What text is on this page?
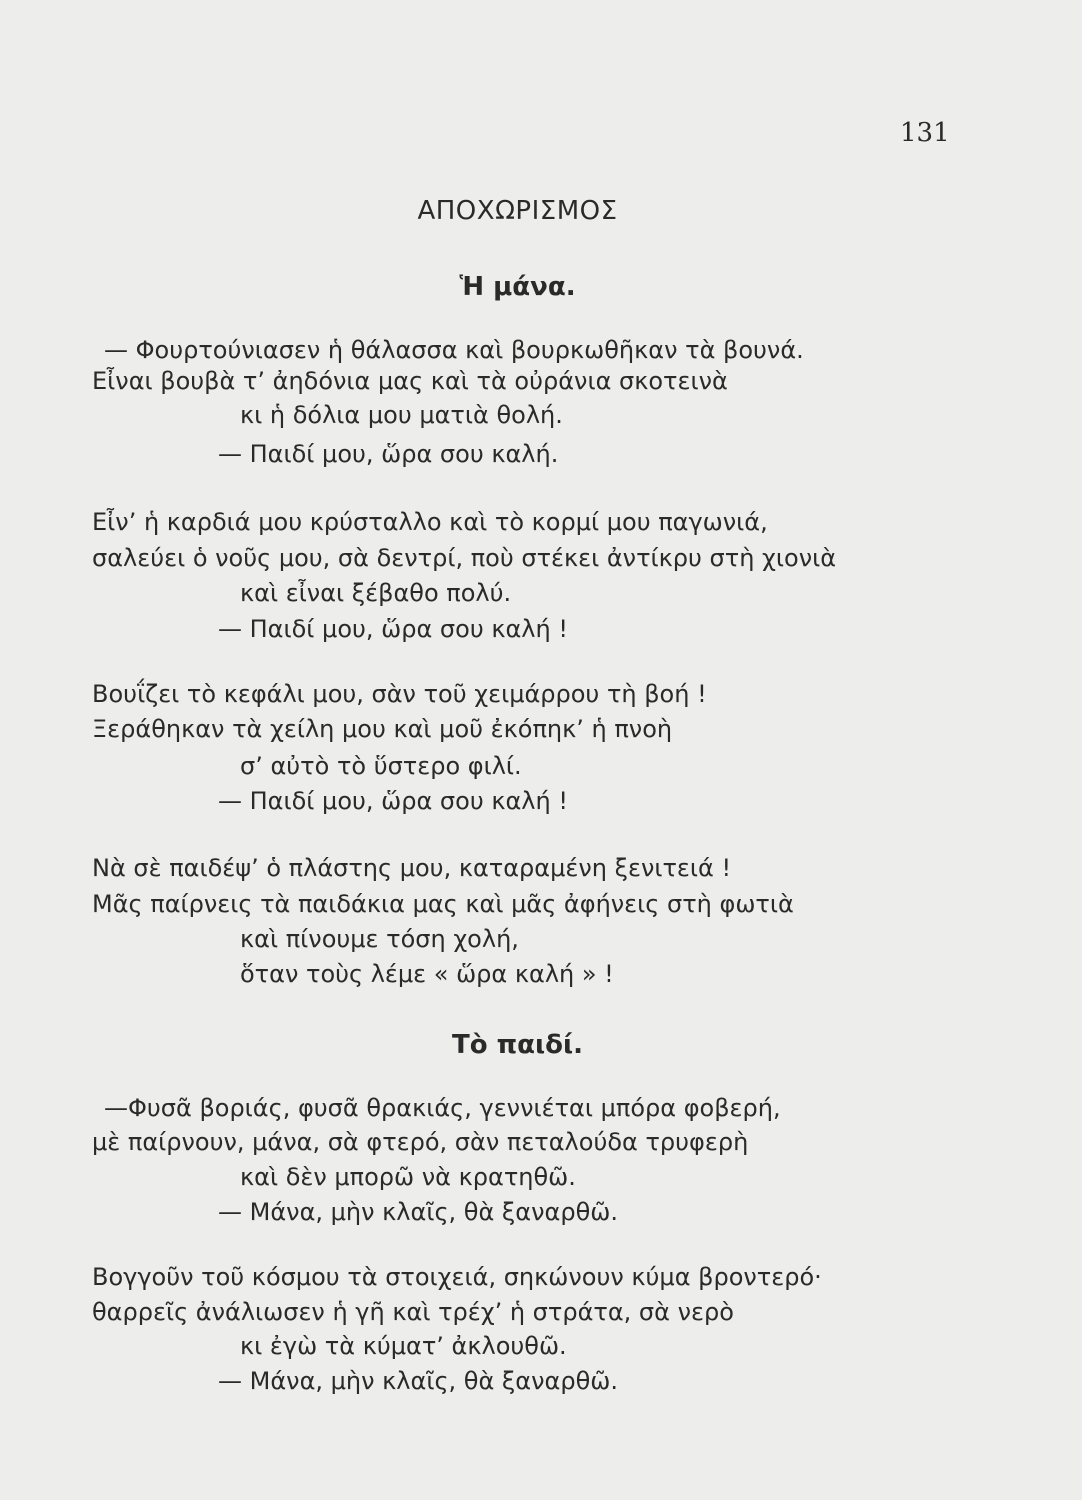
131
ΑΠΟΧΩΡΙΣΜΟΣ
Ἡ μάνα.
— Φουρτούνιασεν ἡ θάλασσα καὶ βουρκωθῆκαν τὰ βουνά.
Εἶναι βουβὰ τ’ ἀηδόνια μας καὶ τὰ οὐράνια σκοτεινὰ
κι ἡ δόλια μου ματιὰ θολή.
— Παιδί μου, ὥρα σου καλή.
Εἶν’ ἡ καρδιά μου κρύσταλλο καὶ τὸ κορμί μου παγωνιά,
σαλεύει ὁ νοῦς μου, σὰ δεντρί, ποὺ στέκει ἀντίκρυ στὴ χιονιὰ
καὶ εἶναι ξέβαθο πολύ.
— Παιδί μου, ὥρα σου καλή !
Βουΐζει τὸ κεφάλι μου, σὰν τοῦ χειμάρρου τὴ βοή !
Ξεράθηκαν τὰ χείλη μου καὶ μοῦ ἐκόπηκ’ ἡ πνοὴ
σ’ αὐτὸ τὸ ὕστερο φιλί.
— Παιδί μου, ὥρα σου καλή !
Νὰ σὲ παιδέψ’ ὁ πλάστης μου, καταραμένη ξενιτειά !
Μᾶς παίρνεις τὰ παιδάκια μας καὶ μᾶς ἀφήνεις στὴ φωτιὰ
καὶ πίνουμε τόση χολή,
ὅταν τοὺς λέμε « ὥρα καλή » !
Τὸ παιδί.
—Φυσᾶ βοριάς, φυσᾶ θρακιάς, γεννιέται μπόρα φοβερή,
μὲ παίρνουν, μάνα, σὰ φτερό, σὰν πεταλούδα τρυφερὴ
καὶ δὲν μπορῶ νὰ κρατηθῶ.
— Μάνα, μὴν κλαῖς, θὰ ξαναρθῶ.
Βογγοῦν τοῦ κόσμου τὰ στοιχειά, σηκώνουν κύμα βροντερό·
θαρρεῖς ἀνάλιωσεν ἡ γῆ καὶ τρέχ’ ἡ στράτα, σὰ νερὸ
κι ἐγὼ τὰ κύματ’ ἀκλουθῶ.
— Μάνα, μὴν κλαῖς, θὰ ξαναρθῶ.
